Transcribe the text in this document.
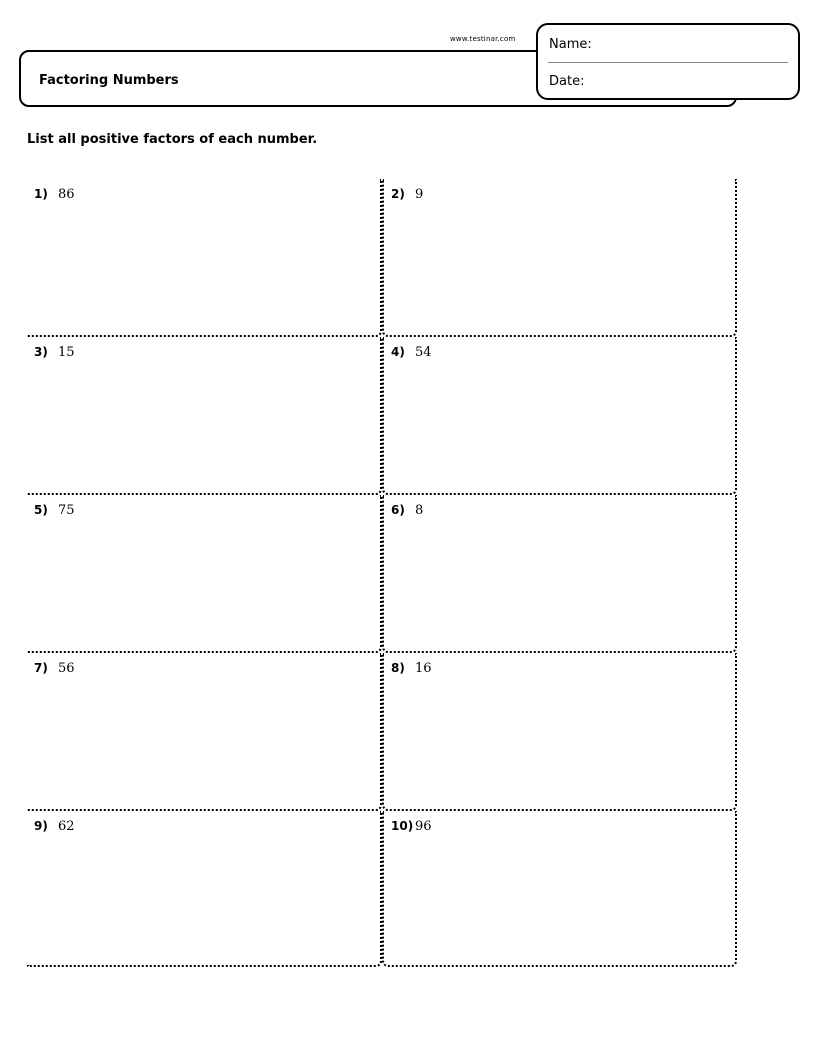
www.testinar.com
Factoring Numbers
Name:
Date:
List all positive factors of each number.
1) 86	2) 9
3) 15	4) 54
5) 75	6) 8
7) 56	8) 16
9) 62	10) 96
